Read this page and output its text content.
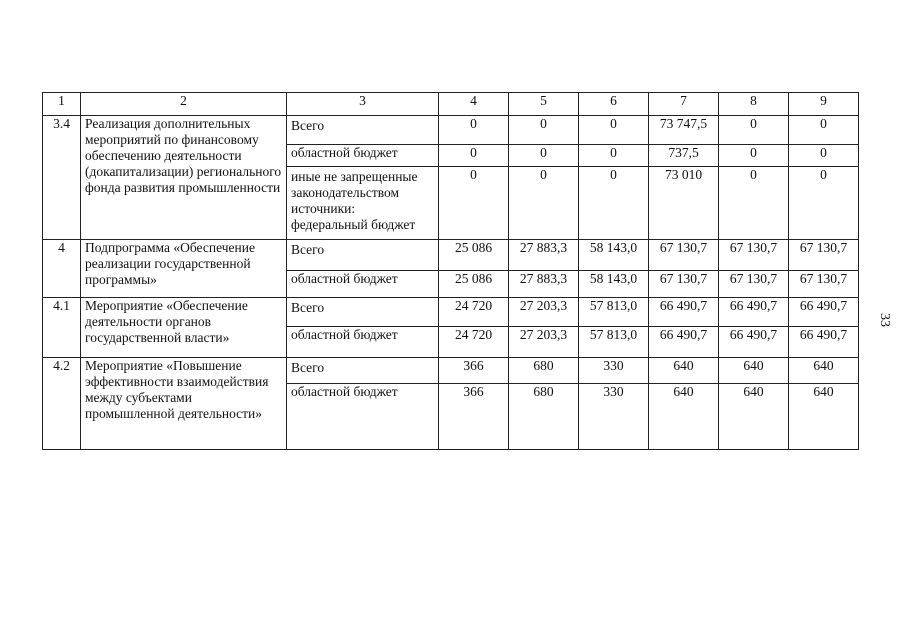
1	2	3	4	5	6	7	8	9
3.4	Реализация дополнительных мероприятий по финансовому обеспечению деятельности (докапитализации) регионального фонда развития промышленности	Всего	0	0	0	73 747,5	0	0
		областной бюджет	0	0	0	737,5	0	0
		иные не запрещенные законодательством источники: федеральный бюджет	0	0	0	73 010	0	0
4	Подпрограмма «Обеспечение реализации государственной программы»	Всего	25 086	27 883,3	58 143,0	67 130,7	67 130,7	67 130,7
		областной бюджет	25 086	27 883,3	58 143,0	67 130,7	67 130,7	67 130,7
4.1	Мероприятие «Обеспечение деятельности органов государственной власти»	Всего	24 720	27 203,3	57 813,0	66 490,7	66 490,7	66 490,7
		областной бюджет	24 720	27 203,3	57 813,0	66 490,7	66 490,7	66 490,7
4.2	Мероприятие «Повышение эффективности взаимодействия между субъектами промышленной деятельности»	Всего	366	680	330	640	640	640
		областной бюджет	366	680	330	640	640	640
33
